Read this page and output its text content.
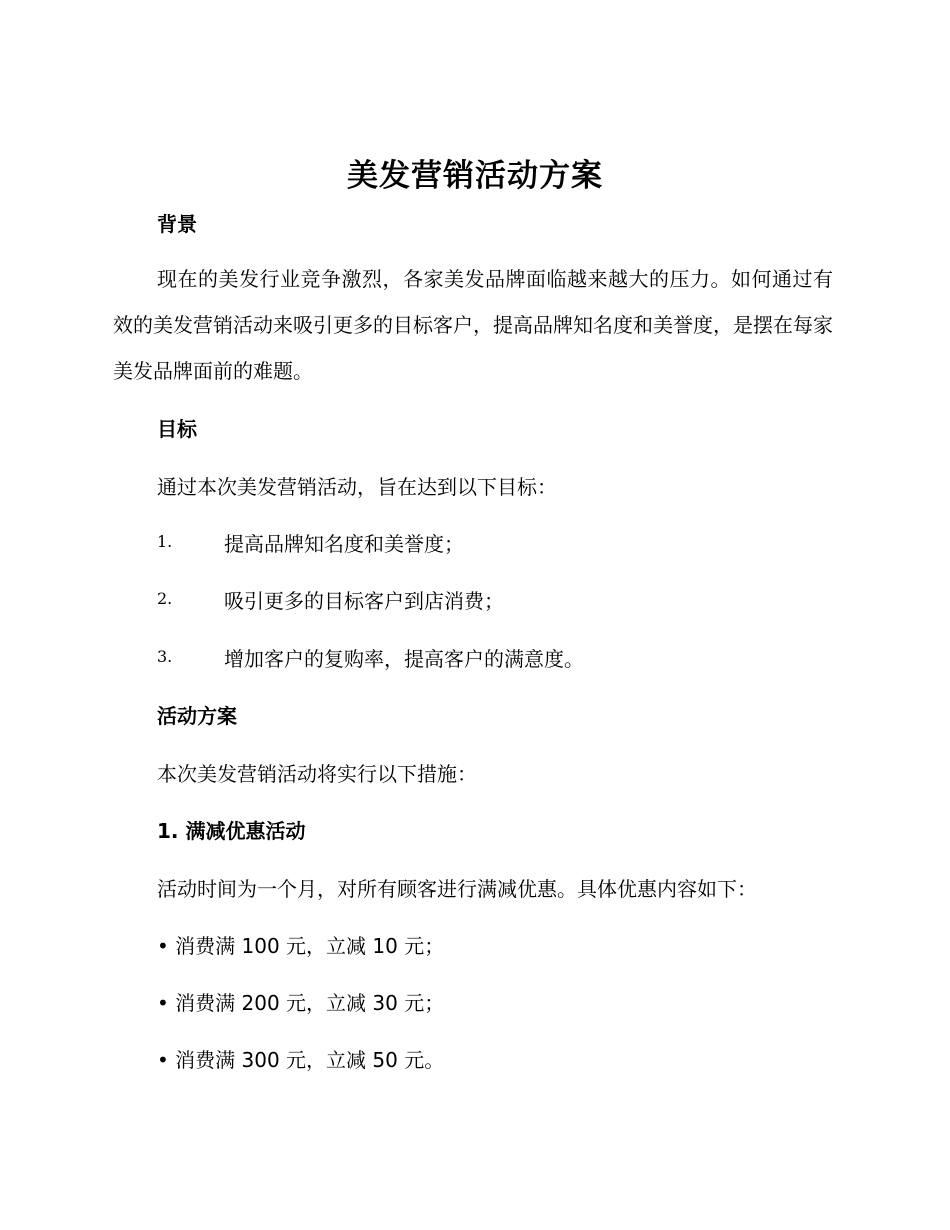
美发营销活动方案
背景
现在的美发行业竞争激烈，各家美发品牌面临越来越大的压力。如何通过有效的美发营销活动来吸引更多的目标客户，提高品牌知名度和美誉度，是摆在每家美发品牌面前的难题。
目标
通过本次美发营销活动，旨在达到以下目标：
1.	提高品牌知名度和美誉度；
2.	吸引更多的目标客户到店消费；
3.	增加客户的复购率，提高客户的满意度。
活动方案
本次美发营销活动将实行以下措施：
1. 满减优惠活动
活动时间为一个月，对所有顾客进行满减优惠。具体优惠内容如下：
• 消费满 100 元，立减 10 元；
• 消费满 200 元，立减 30 元；
• 消费满 300 元，立减 50 元。
